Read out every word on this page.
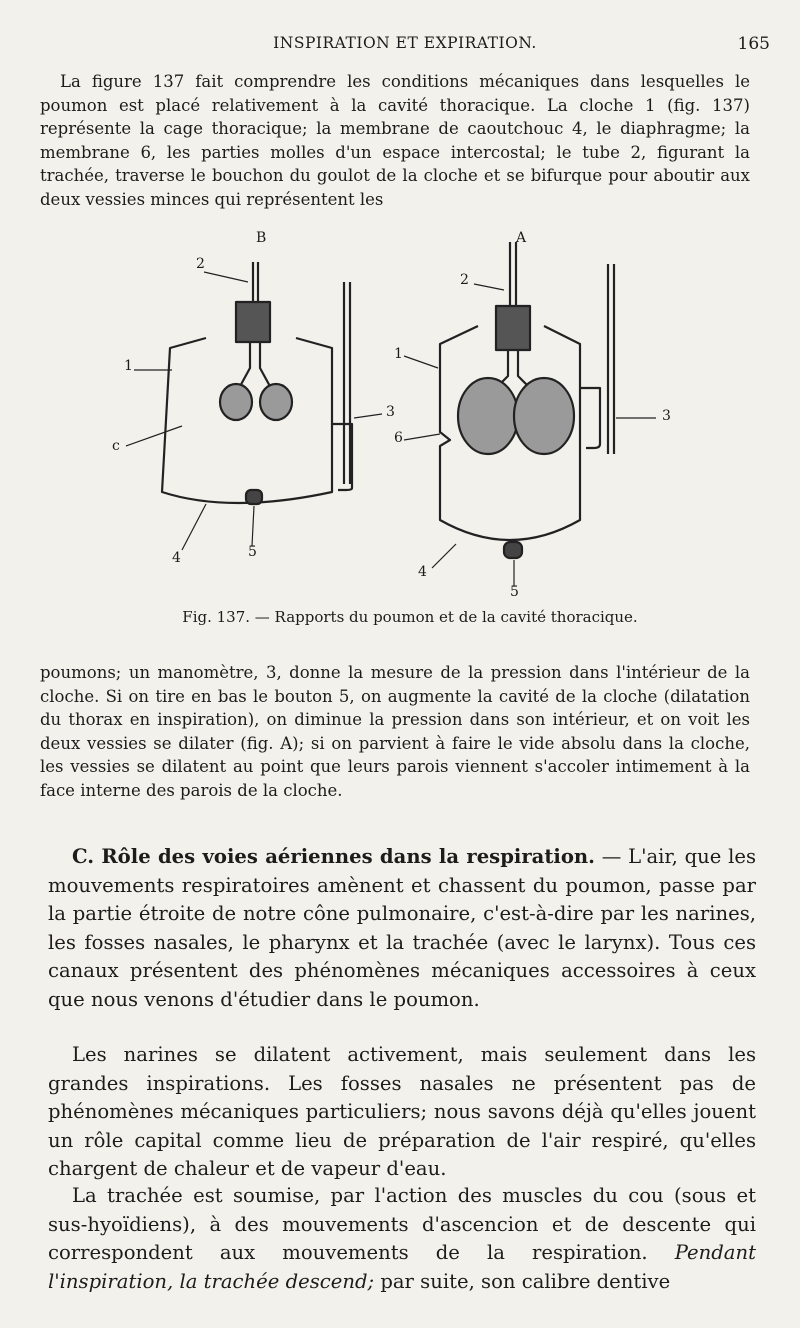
INSPIRATION ET EXPIRATION.	165

La figure 137 fait comprendre les conditions mécaniques dans lesquelles le poumon est placé relativement à la cavité thoracique. La cloche 1 (fig. 137) représente la cage thoracique; la membrane de caoutchouc 4, le diaphragme; la membrane 6, les parties molles d'un espace intercostal; le tube 2, figurant la trachée, traverse le bouchon du goulot de la cloche et se bifurque pour aboutir aux deux vessies minces qui représentent les

B	A
2
1
3
c
4	5
2
1
6
3
4
5
Fig. 137. — Rapports du poumon et de la cavité thoracique.

poumons; un manomètre, 3, donne la mesure de la pression dans l'intérieur de la cloche. Si on tire en bas le bouton 5, on augmente la cavité de la cloche (dilatation du thorax en inspiration), on diminue la pression dans son intérieur, et on voit les deux vessies se dilater (fig. A); si on parvient à faire le vide absolu dans la cloche, les vessies se dilatent au point que leurs parois viennent s'accoler intimement à la face interne des parois de la cloche.

C. Rôle des voies aériennes dans la respiration. — L'air, que les mouvements respiratoires amènent et chassent du poumon, passe par la partie étroite de notre cône pulmonaire, c'est-à-dire par les narines, les fosses nasales, le pharynx et la trachée (avec le larynx). Tous ces canaux présentent des phénomènes mécaniques accessoires à ceux que nous venons d'étudier dans le poumon.

Les narines se dilatent activement, mais seulement dans les grandes inspirations. Les fosses nasales ne présentent pas de phénomènes mécaniques particuliers; nous savons déjà qu'elles jouent un rôle capital comme lieu de préparation de l'air respiré, qu'elles chargent de chaleur et de vapeur d'eau.

La trachée est soumise, par l'action des muscles du cou (sous et sus-hyoïdiens), à des mouvements d'ascencion et de descente qui correspondent aux mouvements de la respiration. Pendant l'inspiration, la trachée descend; par suite, son calibre dentive
